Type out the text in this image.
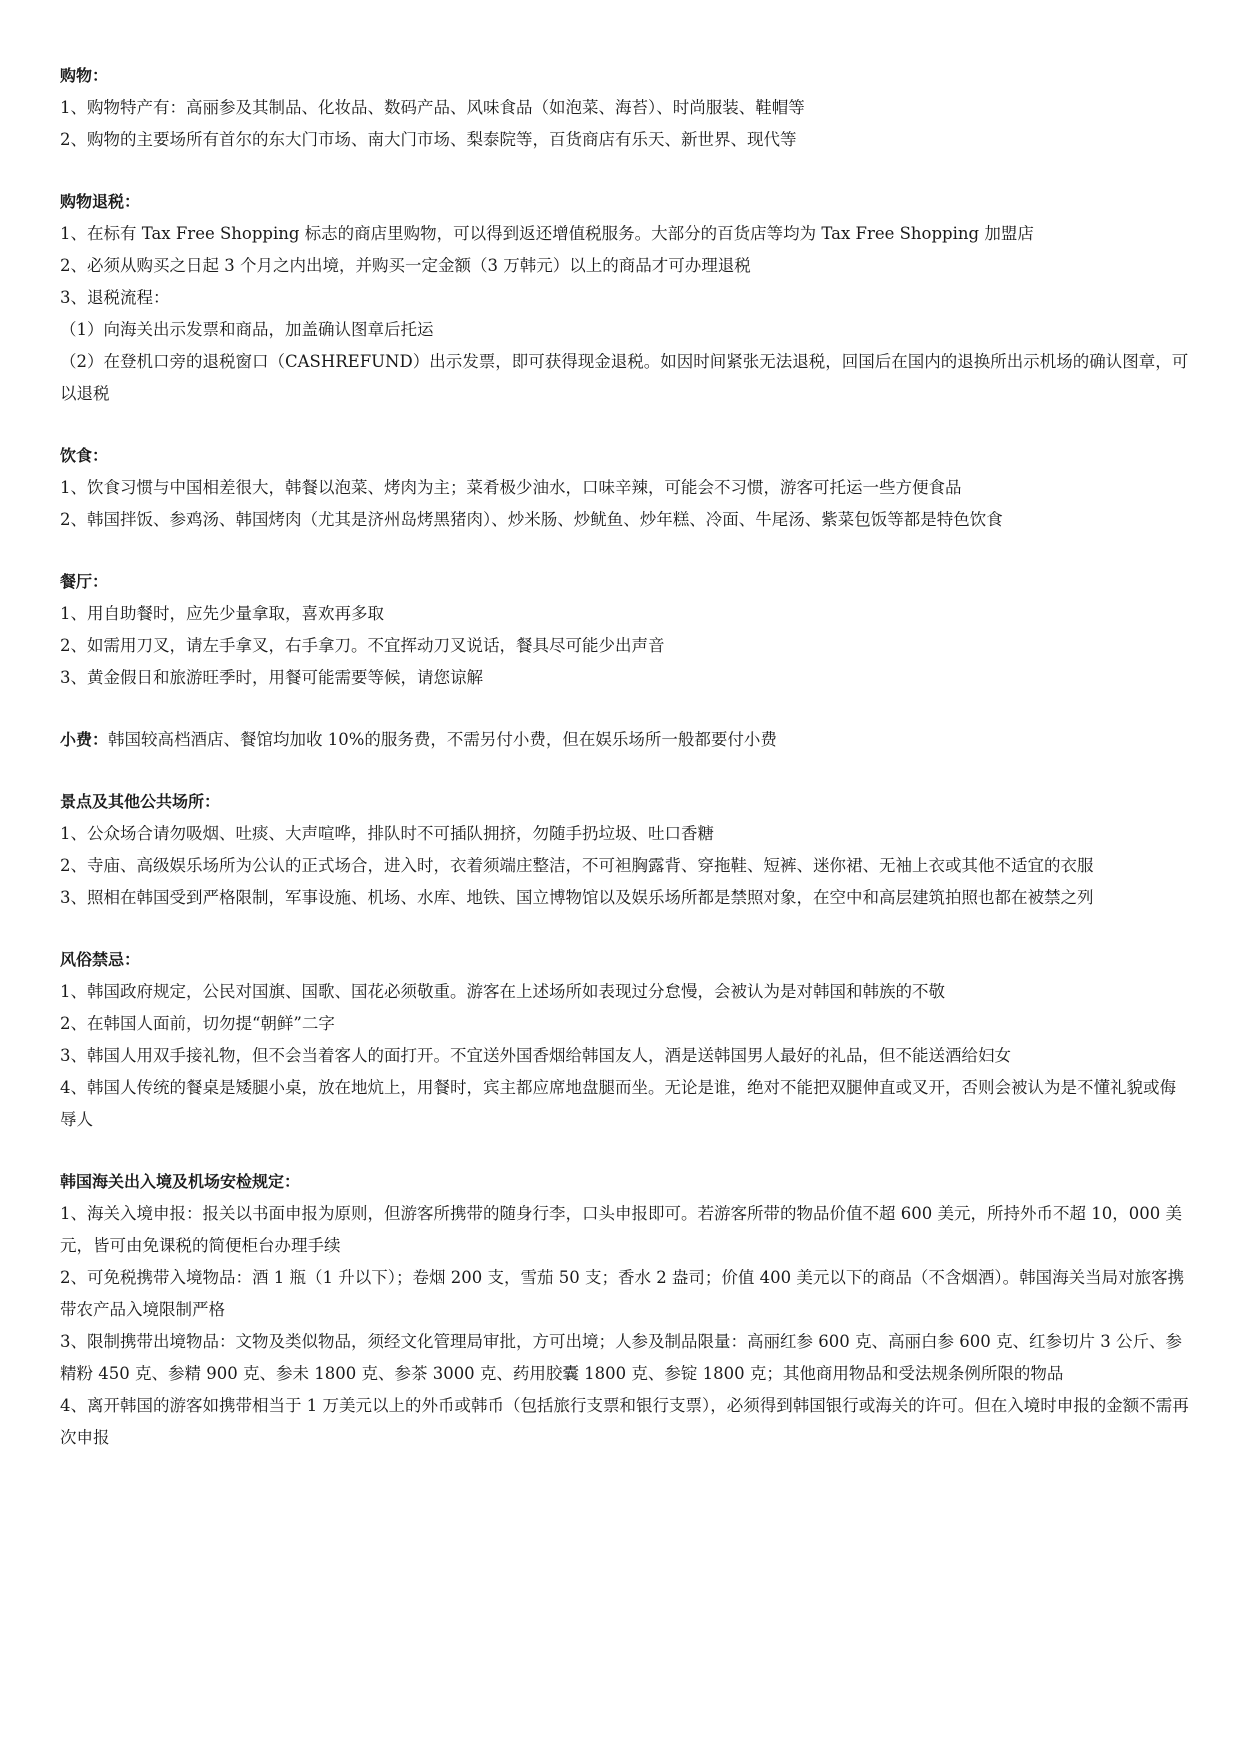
购物：
1、购物特产有：高丽参及其制品、化妆品、数码产品、风味食品（如泡菜、海苔）、时尚服装、鞋帽等
2、购物的主要场所有首尔的东大门市场、南大门市场、梨泰院等，百货商店有乐天、新世界、现代等
购物退税：
1、在标有 Tax Free Shopping 标志的商店里购物，可以得到返还增值税服务。大部分的百货店等均为 Tax Free Shopping 加盟店
2、必须从购买之日起 3 个月之内出境，并购买一定金额（3 万韩元）以上的商品才可办理退税
3、退税流程：
（1）向海关出示发票和商品，加盖确认图章后托运
（2）在登机口旁的退税窗口（CASHREFUND）出示发票，即可获得现金退税。如因时间紧张无法退税，回国后在国内的退换所出示机场的确认图章，可以退税
饮食：
1、饮食习惯与中国相差很大，韩餐以泡菜、烤肉为主；菜肴极少油水，口味辛辣，可能会不习惯，游客可托运一些方便食品
2、韩国拌饭、参鸡汤、韩国烤肉（尤其是济州岛烤黑猪肉）、炒米肠、炒鱿鱼、炒年糕、冷面、牛尾汤、紫菜包饭等都是特色饮食
餐厅：
1、用自助餐时，应先少量拿取，喜欢再多取
2、如需用刀叉，请左手拿叉，右手拿刀。不宜挥动刀叉说话，餐具尽可能少出声音
3、黄金假日和旅游旺季时，用餐可能需要等候，请您谅解
小费：韩国较高档酒店、餐馆均加收 10%的服务费，不需另付小费，但在娱乐场所一般都要付小费
景点及其他公共场所：
1、公众场合请勿吸烟、吐痰、大声喧哗，排队时不可插队拥挤，勿随手扔垃圾、吐口香糖
2、寺庙、高级娱乐场所为公认的正式场合，进入时，衣着须端庄整洁，不可袒胸露背、穿拖鞋、短裤、迷你裙、无袖上衣或其他不适宜的衣服
3、照相在韩国受到严格限制，军事设施、机场、水库、地铁、国立博物馆以及娱乐场所都是禁照对象，在空中和高层建筑拍照也都在被禁之列
风俗禁忌：
1、韩国政府规定，公民对国旗、国歌、国花必须敬重。游客在上述场所如表现过分怠慢，会被认为是对韩国和韩族的不敬
2、在韩国人面前，切勿提“朝鲜”二字
3、韩国人用双手接礼物，但不会当着客人的面打开。不宜送外国香烟给韩国友人，酒是送韩国男人最好的礼品，但不能送酒给妇女
4、韩国人传统的餐桌是矮腿小桌，放在地炕上，用餐时，宾主都应席地盘腿而坐。无论是谁，绝对不能把双腿伸直或叉开，否则会被认为是不懂礼貌或侮辱人
韩国海关出入境及机场安检规定：
1、海关入境申报：报关以书面申报为原则，但游客所携带的随身行李，口头申报即可。若游客所带的物品价值不超 600 美元，所持外币不超 10，000 美元，皆可由免课税的简便柜台办理手续
2、可免税携带入境物品：酒 1 瓶（1 升以下）；卷烟 200 支，雪茄 50 支；香水 2 盎司；价值 400 美元以下的商品（不含烟酒）。韩国海关当局对旅客携带农产品入境限制严格
3、限制携带出境物品：文物及类似物品，须经文化管理局审批，方可出境；人参及制品限量：高丽红参 600 克、高丽白参 600 克、红参切片 3 公斤、参精粉 450 克、参精 900 克、参未 1800 克、参茶 3000 克、药用胶囊 1800 克、参锭 1800 克；其他商用物品和受法规条例所限的物品
4、离开韩国的游客如携带相当于 1 万美元以上的外币或韩币（包括旅行支票和银行支票），必须得到韩国银行或海关的许可。但在入境时申报的金额不需再次申报
